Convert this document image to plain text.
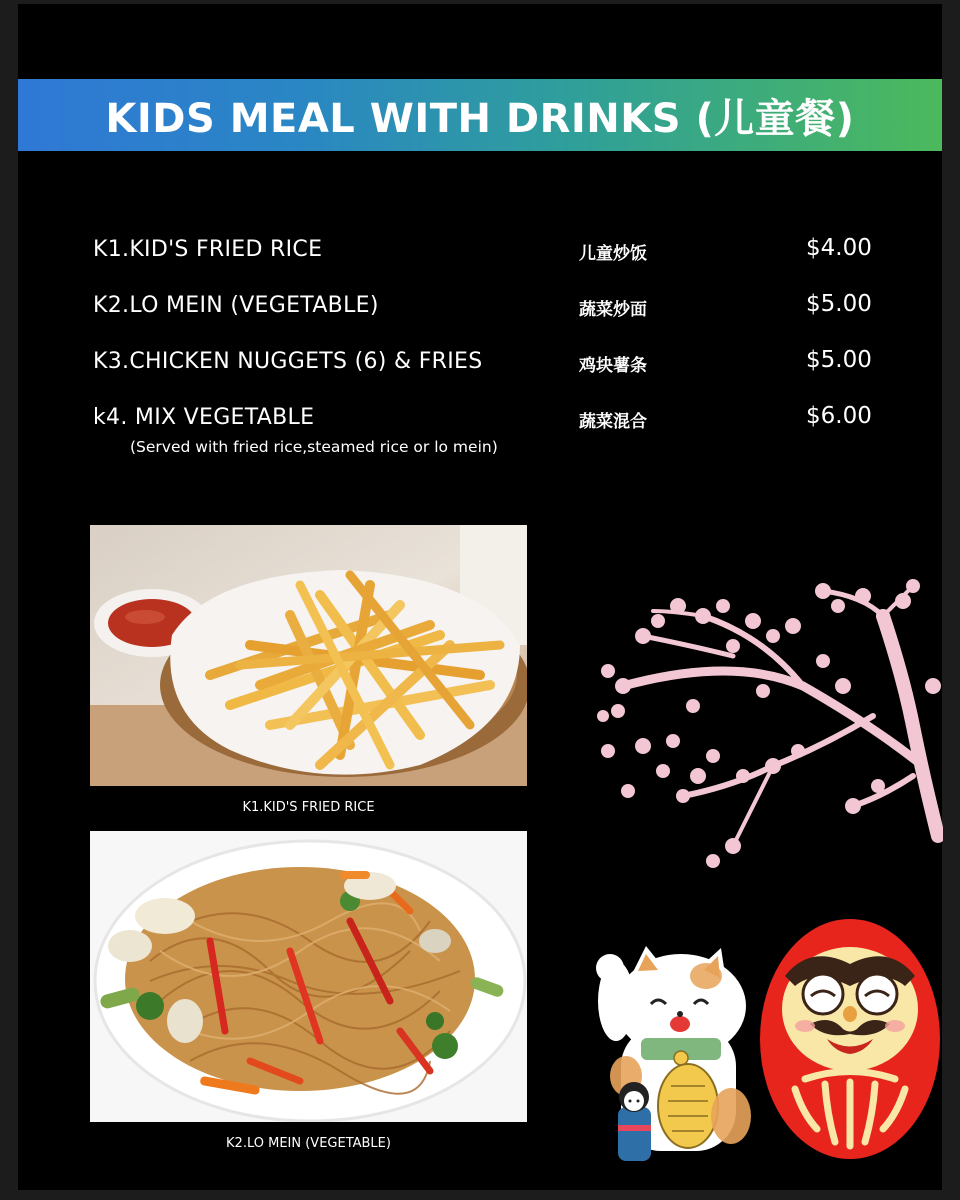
KIDS MEAL WITH DRINKS (儿童餐)
K1.KID'S FRIED RICE	儿童炒饭	$4.00
K2.LO MEIN (VEGETABLE)	蔬菜炒面	$5.00
K3.CHICKEN NUGGETS (6) & FRIES	鸡块薯条	$5.00
k4. MIX VEGETABLE	蔬菜混合	$6.00
(Served with fried rice,steamed rice or lo mein)
K1.KID'S FRIED RICE
K2.LO MEIN (VEGETABLE)
